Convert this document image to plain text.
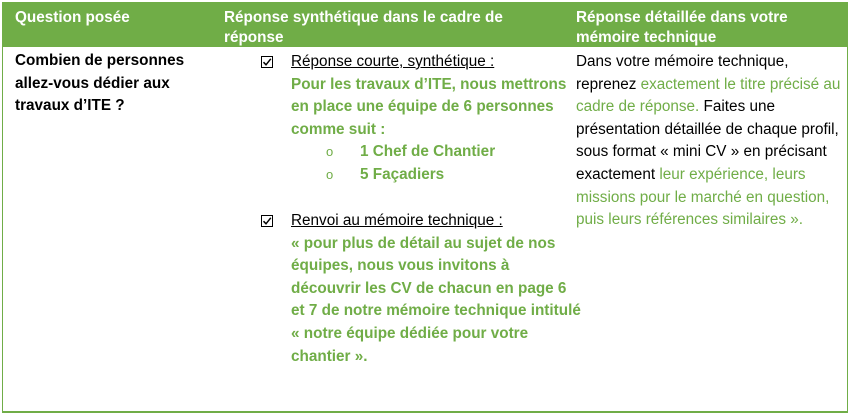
Question posée	Réponse synthétique dans le cadre de réponse
Réponse détaillée dans votre mémoire technique
Combien de personnes allez-vous dédier aux travaux d’ITE ?
Réponse courte, synthétique :
Pour les travaux d’ITE, nous mettrons en place une équipe de 6 personnes comme suit :
o 1 Chef de Chantier
o 5 Façadiers
Renvoi au mémoire technique :
« pour plus de détail au sujet de nos équipes, nous vous invitons à découvrir les CV de chacun en page 6 et 7 de notre mémoire technique intitulé « notre équipe dédiée pour votre chantier ».
Dans votre mémoire technique, reprenez exactement le titre précisé au cadre de réponse. Faites une présentation détaillée de chaque profil, sous format « mini CV » en précisant exactement leur expérience, leurs missions pour le marché en question, puis leurs références similaires ».
